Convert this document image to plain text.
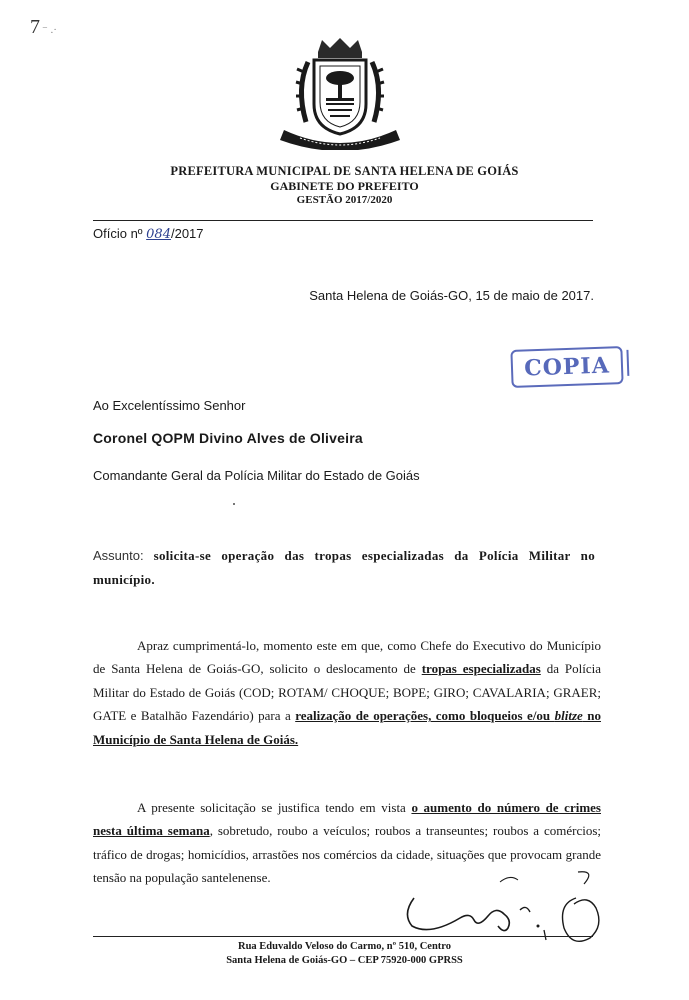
7 ⁻ .·
PREFEITURA MUNICIPAL DE SANTA HELENA DE GOIÁS
GABINETE DO PREFEITO
GESTÃO 2017/2020
Ofício nº 084/2017
Santa Helena de Goiás-GO, 15 de maio de 2017.
COPIA
Ao Excelentíssimo Senhor
Coronel QOPM Divino Alves de Oliveira
Comandante Geral da Polícia Militar do Estado de Goiás
Assunto: solicita-se operação das tropas especializadas da Polícia Militar no município.
Apraz cumprimentá-lo, momento este em que, como Chefe do Executivo do Município de Santa Helena de Goiás-GO, solicito o deslocamento de tropas especializadas da Polícia Militar do Estado de Goiás (COD; ROTAM/ CHOQUE; BOPE; GIRO; CAVALARIA; GRAER; GATE e Batalhão Fazendário) para a realização de operações, como bloqueios e/ou blitze no Município de Santa Helena de Goiás.
A presente solicitação se justifica tendo em vista o aumento do número de crimes nesta última semana, sobretudo, roubo a veículos; roubos a transeuntes; roubos a comércios; tráfico de drogas; homicídios, arrastões nos comércios da cidade, situações que provocam grande tensão na população santelenense.
Rua Eduvaldo Veloso do Carmo, nº 510, Centro
Santa Helena de Goiás-GO – CEP 75920-000 GPRSS
